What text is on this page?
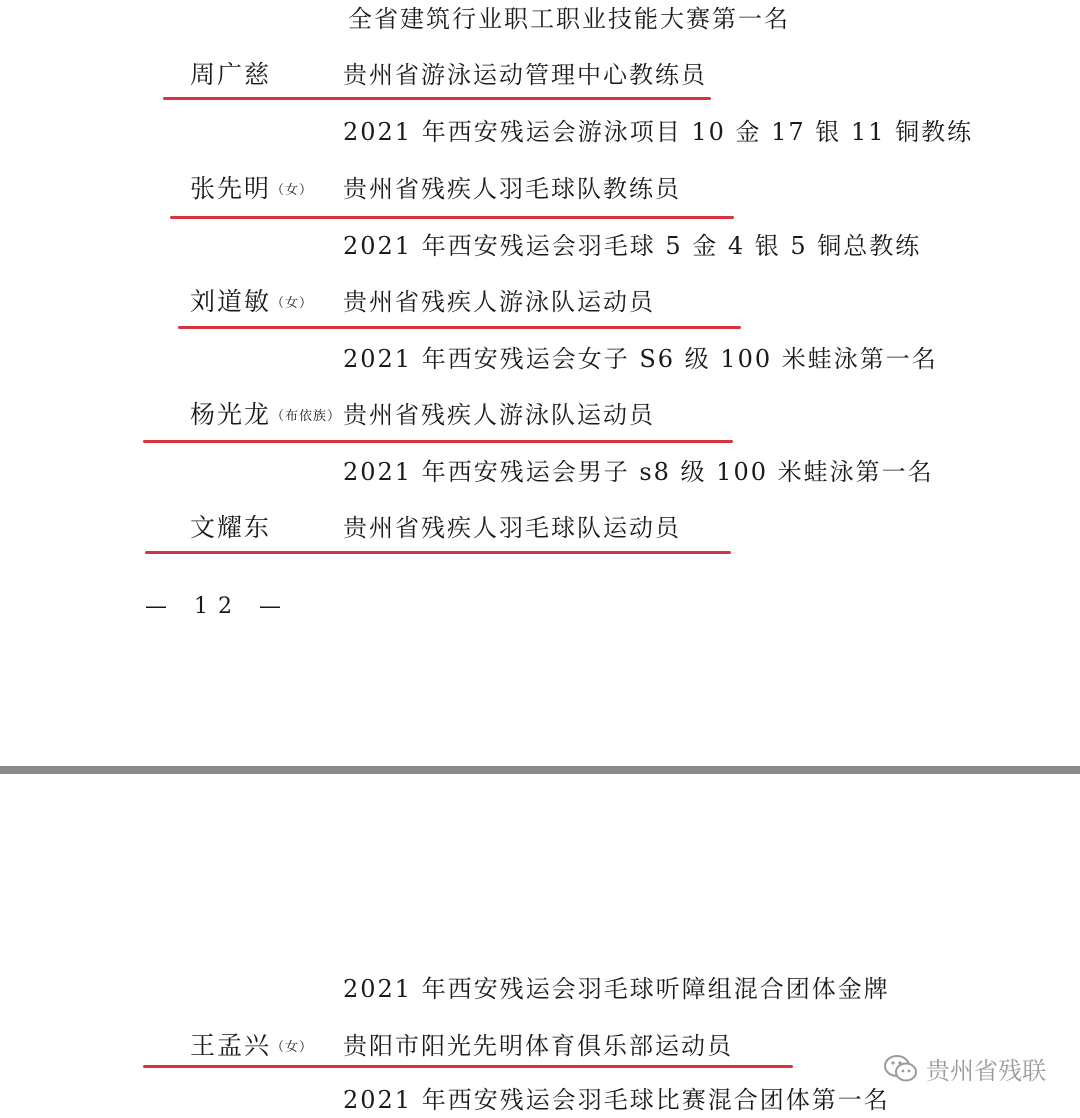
全省建筑行业职工职业技能大赛第一名
周广慈	贵州省游泳运动管理中心教练员
2021 年西安残运会游泳项目 10 金 17 银 11 铜教练
张先明（女） 贵州省残疾人羽毛球队教练员
2021 年西安残运会羽毛球 5 金 4 银 5 铜总教练
刘道敏（女） 贵州省残疾人游泳队运动员
2021 年西安残运会女子 S6 级 100 米蛙泳第一名
杨光龙（布依族） 贵州省残疾人游泳队运动员
2021 年西安残运会男子 s8 级 100 米蛙泳第一名
文耀东	贵州省残疾人羽毛球队运动员
— 12 —
2021 年西安残运会羽毛球听障组混合团体金牌
王孟兴（女） 贵阳市阳光先明体育俱乐部运动员
2021 年西安残运会羽毛球比赛混合团体第一名
贵州省残联
